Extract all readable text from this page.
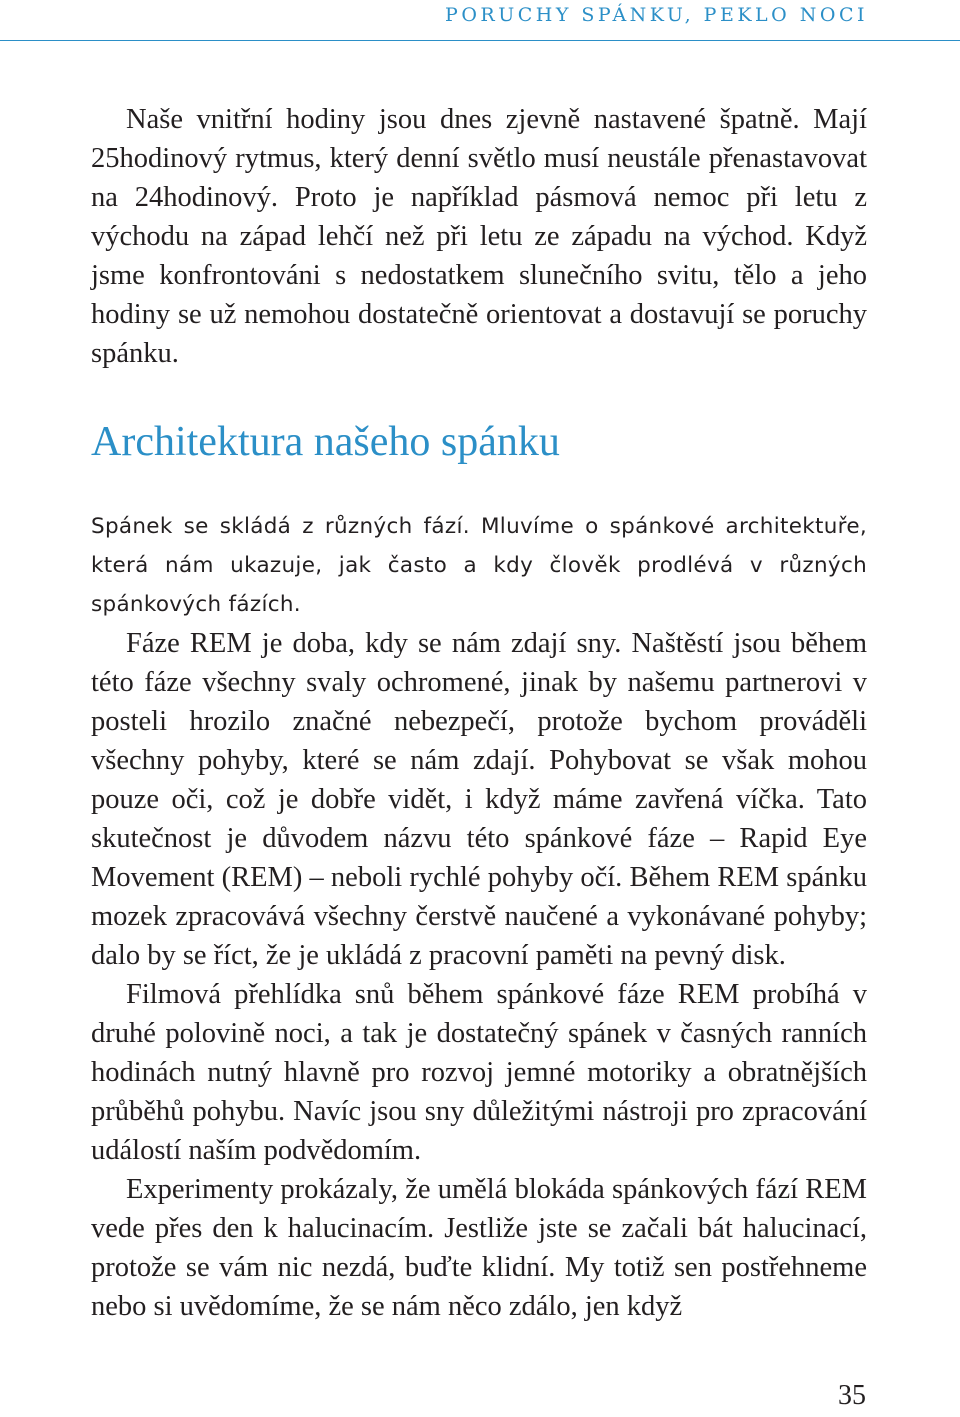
PORUCHY SPÁNKU, PEKLO NOCI

Naše vnitřní hodiny jsou dnes zjevně nastavené špatně. Mají 25hodinový rytmus, který denní světlo musí neustále přenastavovat na 24hodinový. Proto je například pásmová nemoc při letu z východu na západ lehčí než při letu ze západu na východ. Když jsme konfrontováni s nedostatkem slunečního svitu, tělo a jeho hodiny se už nemohou dostatečně orientovat a dostavují se poruchy spánku.

Architektura našeho spánku

Spánek se skládá z různých fází. Mluvíme o spánkové architektuře, která nám ukazuje, jak často a kdy člověk prodlévá v různých spánkových fázích.

Fáze REM je doba, kdy se nám zdají sny. Naštěstí jsou během této fáze všechny svaly ochromené, jinak by našemu partnerovi v posteli hrozilo značné nebezpečí, protože bychom prováděli všechny pohyby, které se nám zdají. Pohybovat se však mohou pouze oči, což je dobře vidět, i když máme zavřená víčka. Tato skutečnost je důvodem názvu této spánkové fáze – Rapid Eye Movement (REM) – neboli rychlé pohyby očí. Během REM spánku mozek zpracovává všechny čerstvě naučené a vykonávané pohyby; dalo by se říct, že je ukládá z pracovní paměti na pevný disk.

Filmová přehlídka snů během spánkové fáze REM probíhá v druhé polovině noci, a tak je dostatečný spánek v časných ranních hodinách nutný hlavně pro rozvoj jemné motoriky a obratnějších průběhů pohybu. Navíc jsou sny důležitými nástroji pro zpracování událostí naším podvědomím.

Experimenty prokázaly, že umělá blokáda spánkových fází REM vede přes den k halucinacím. Jestliže jste se začali bát halucinací, protože se vám nic nezdá, buďte klidní. My totiž sen postřehneme nebo si uvědomíme, že se nám něco zdálo, jen když

35
